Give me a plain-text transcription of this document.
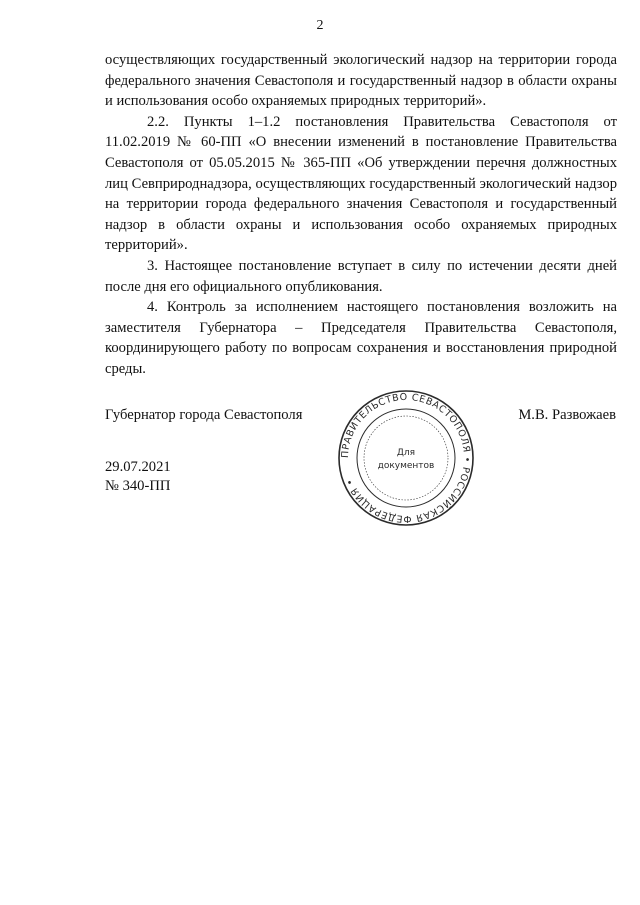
2

осуществляющих государственный экологический надзор на территории города федерального значения Севастополя и государственный надзор в области охраны и использования особо охраняемых природных территорий».

2.2. Пункты 1–1.2 постановления Правительства Севастополя от 11.02.2019 № 60-ПП «О внесении изменений в постановление Правительства Севастополя от 05.05.2015 № 365-ПП «Об утверждении перечня должностных лиц Севприроднадзора, осуществляющих государственный экологический надзор на территории города федерального значения Севастополя и государственный надзор в области охраны и использования особо охраняемых природных территорий».

3. Настоящее постановление вступает в силу по истечении десяти дней после дня его официального опубликования.

4. Контроль за исполнением настоящего постановления возложить на заместителя Губернатора – Председателя Правительства Севастополя, координирующего работу по вопросам сохранения и восстановления природной среды.

Губернатор города Севастополя	М.В. Развожаев
29.07.2021
№ 340-ПП
ПРАВИТЕЛЬСТВО СЕВАСТОПОЛЯ • РОССИЙСКАЯ ФЕДЕРАЦИЯ •
Для
документов
